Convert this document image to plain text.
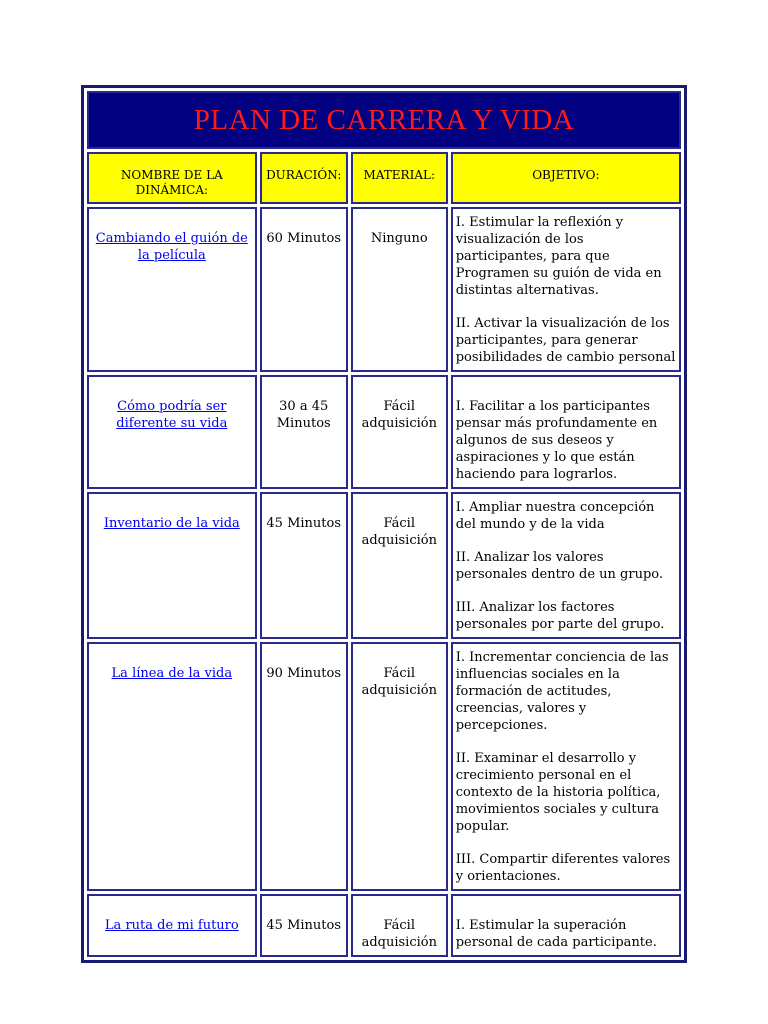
PLAN DE CARRERA Y VIDA			
NOMBRE DE LA DINÁMICA:	DURACIÓN:	MATERIAL:	OBJETIVO:
Cambiando el guión de la película	60 Minutos	Ninguno	I. Estimular la reflexión y visualización de los participantes, para que Programen su guión de vida en distintas alternativas.

II. Activar la visualización de los participantes, para generar posibilidades de cambio personal

Cómo podría ser diferente su vida	30 a 45 Minutos	Fácil adquisición	I. Facilitar a los participantes pensar más profundamente en algunos de sus deseos y aspiraciones y lo que están haciendo para lograrlos.

Inventario de la vida	45 Minutos	Fácil adquisición	I. Ampliar nuestra concepción del mundo y de la vida

II. Analizar los valores personales dentro de un grupo.

III. Analizar los factores personales por parte del grupo.

La línea de la vida	90 Minutos	Fácil adquisición	I. Incrementar conciencia de las influencias sociales en la formación de actitudes, creencias, valores y percepciones.

II. Examinar el desarrollo y crecimiento personal en el contexto de la historia política, movimientos sociales y cultura popular.

III. Compartir diferentes valores y orientaciones.

La ruta de mi futuro	45 Minutos	Fácil adquisición	I. Estimular la superación personal de cada participante.
